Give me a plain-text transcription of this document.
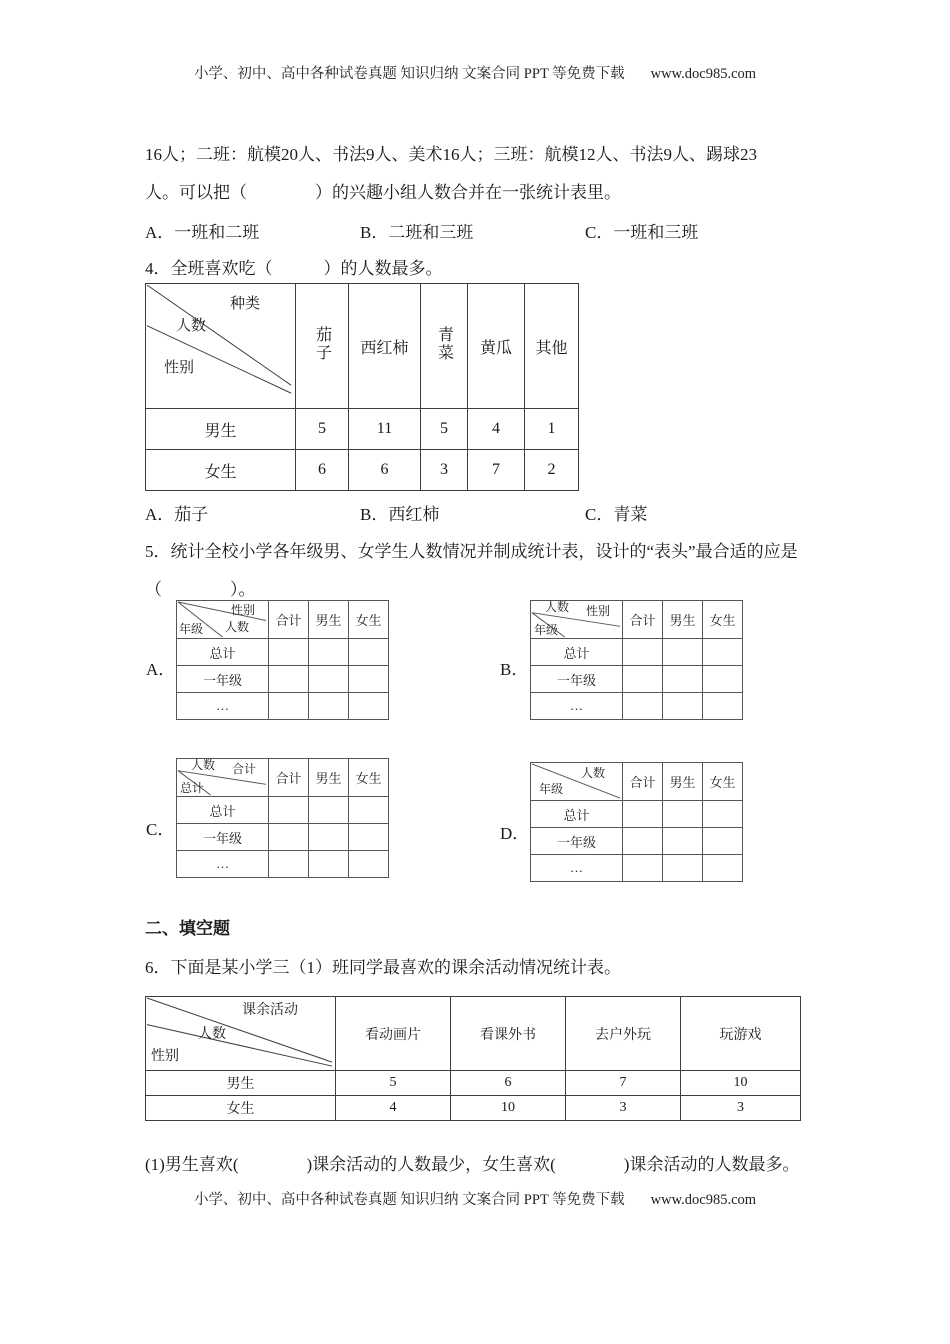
小学、初中、高中各种试卷真题 知识归纳 文案合同 PPT 等免费下载 www.doc985.com
16人；二班：航模20人、书法9人、美术16人；三班：航模12人、书法9人、踢球23
人。可以把（　　　　）的兴趣小组人数合并在一张统计表里。
A．一班和二班	B．二班和三班	C．一班和三班
4．全班喜欢吃（　　　）的人数最多。
种类
人数
性别	茄子	西红柿	青菜	黄瓜	其他
男生	5	11	5	4	1
女生	6	6	3	7	2
A．茄子	B．西红柿	C．青菜
5．统计全校小学各年级男、女学生人数情况并制成统计表，设计的“表头”最合适的应是
（　　　　）。
A．
性别
人数
年级	合计	男生	女生
总计			
一年级			
…			
B．
人数 性别
年级	合计	男生	女生
总计			
一年级			
…			
C．
人数 合计
总计	合计	男生	女生
总计			
一年级			
…			
D．
人数
年级	合计	男生	女生
总计			
一年级			
…			
二、填空题
6．下面是某小学三（1）班同学最喜欢的课余活动情况统计表。
课余活动
人数
性别	看动画片	看课外书	去户外玩	玩游戏
男生	5	6	7	10
女生	4	10	3	3
(1)男生喜欢(　　　　)课余活动的人数最少，女生喜欢(　　　　)课余活动的人数最多。
小学、初中、高中各种试卷真题 知识归纳 文案合同 PPT 等免费下载 www.doc985.com
